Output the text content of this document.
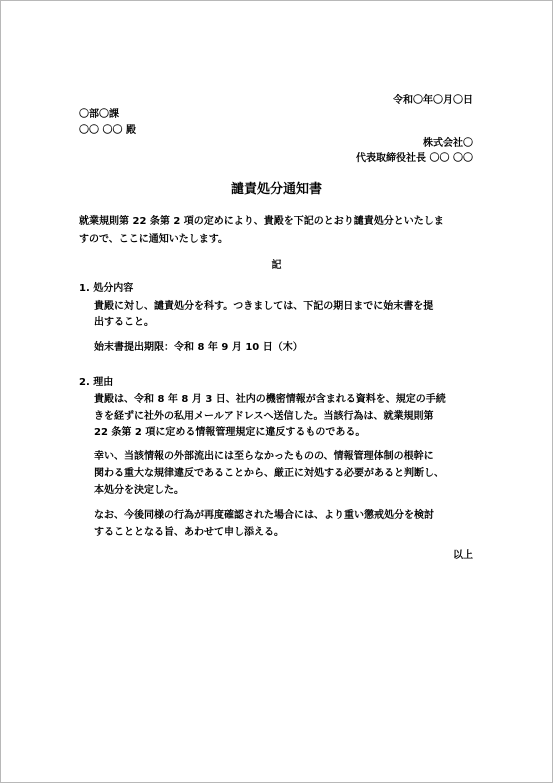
令和〇年〇月〇日
〇部〇課
〇〇 〇〇 殿
株式会社〇
代表取締役社長 〇〇 〇〇
譴責処分通知書
就業規則第 22 条第 2 項の定めにより、貴殿を下記のとおり譴責処分といたしま
すので、ここに通知いたします。
記
1. 処分内容
貴殿に対し、譴責処分を科す。つきましては、下記の期日までに始末書を提
出すること。
始末書提出期限：令和 8 年 9 月 10 日（木）
2. 理由
貴殿は、令和 8 年 8 月 3 日、社内の機密情報が含まれる資料を、規定の手続
きを経ずに社外の私用メールアドレスへ送信した。当該行為は、就業規則第
22 条第 2 項に定める情報管理規定に違反するものである。
幸い、当該情報の外部流出には至らなかったものの、情報管理体制の根幹に
関わる重大な規律違反であることから、厳正に対処する必要があると判断し、
本処分を決定した。
なお、今後同様の行為が再度確認された場合には、より重い懲戒処分を検討
することとなる旨、あわせて申し添える。
以上
